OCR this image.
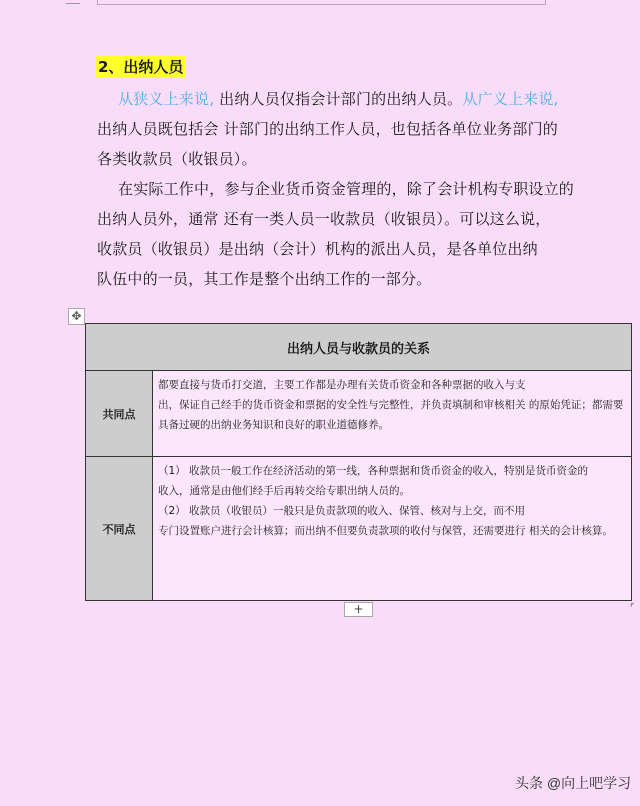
2、出纳人员
从狭义上来说, 出纳人员仅指会计部门的出纳人员。从广义上来说,
出纳人员既包括会 计部门的出纳工作人员，也包括各单位业务部门的
各类收款员（收银员）。
在实际工作中，参与企业货币资金管理的，除了会计机构专职设立的
出纳人员外，通常 还有一类人员一收款员（收银员）。可以这么说，
收款员（收银员）是出纳（会计）机构的派出人员，是各单位出纳
队伍中的一员，其工作是整个出纳工作的一部分。
✥
出纳人员与收款员的关系	
共同点	都要直接与货币打交道，主要工作都是办理有关货币资金和各种票据的收入与支

出，保证自己经手的货币资金和票据的安全性与完整性，并负责填制和审核相关 的原始凭证；都需要

具备过硬的出纳业务知识和良好的职业道德修养。

不同点	（1） 收款员一般工作在经济活动的第一线，各种票据和货币资金的收入，特别是货币资金的

收入，通常是由他们经手后再转交给专职出纳人员的。

（2） 收款员（收银员）一般只是负责款项的收入、保管、核对与上交，而不用

专门设置账户进行会计核算；而出纳不但要负责款项的收付与保管，还需要进行 相关的会计核算。

+	⌜
头条 @向上吧学习
